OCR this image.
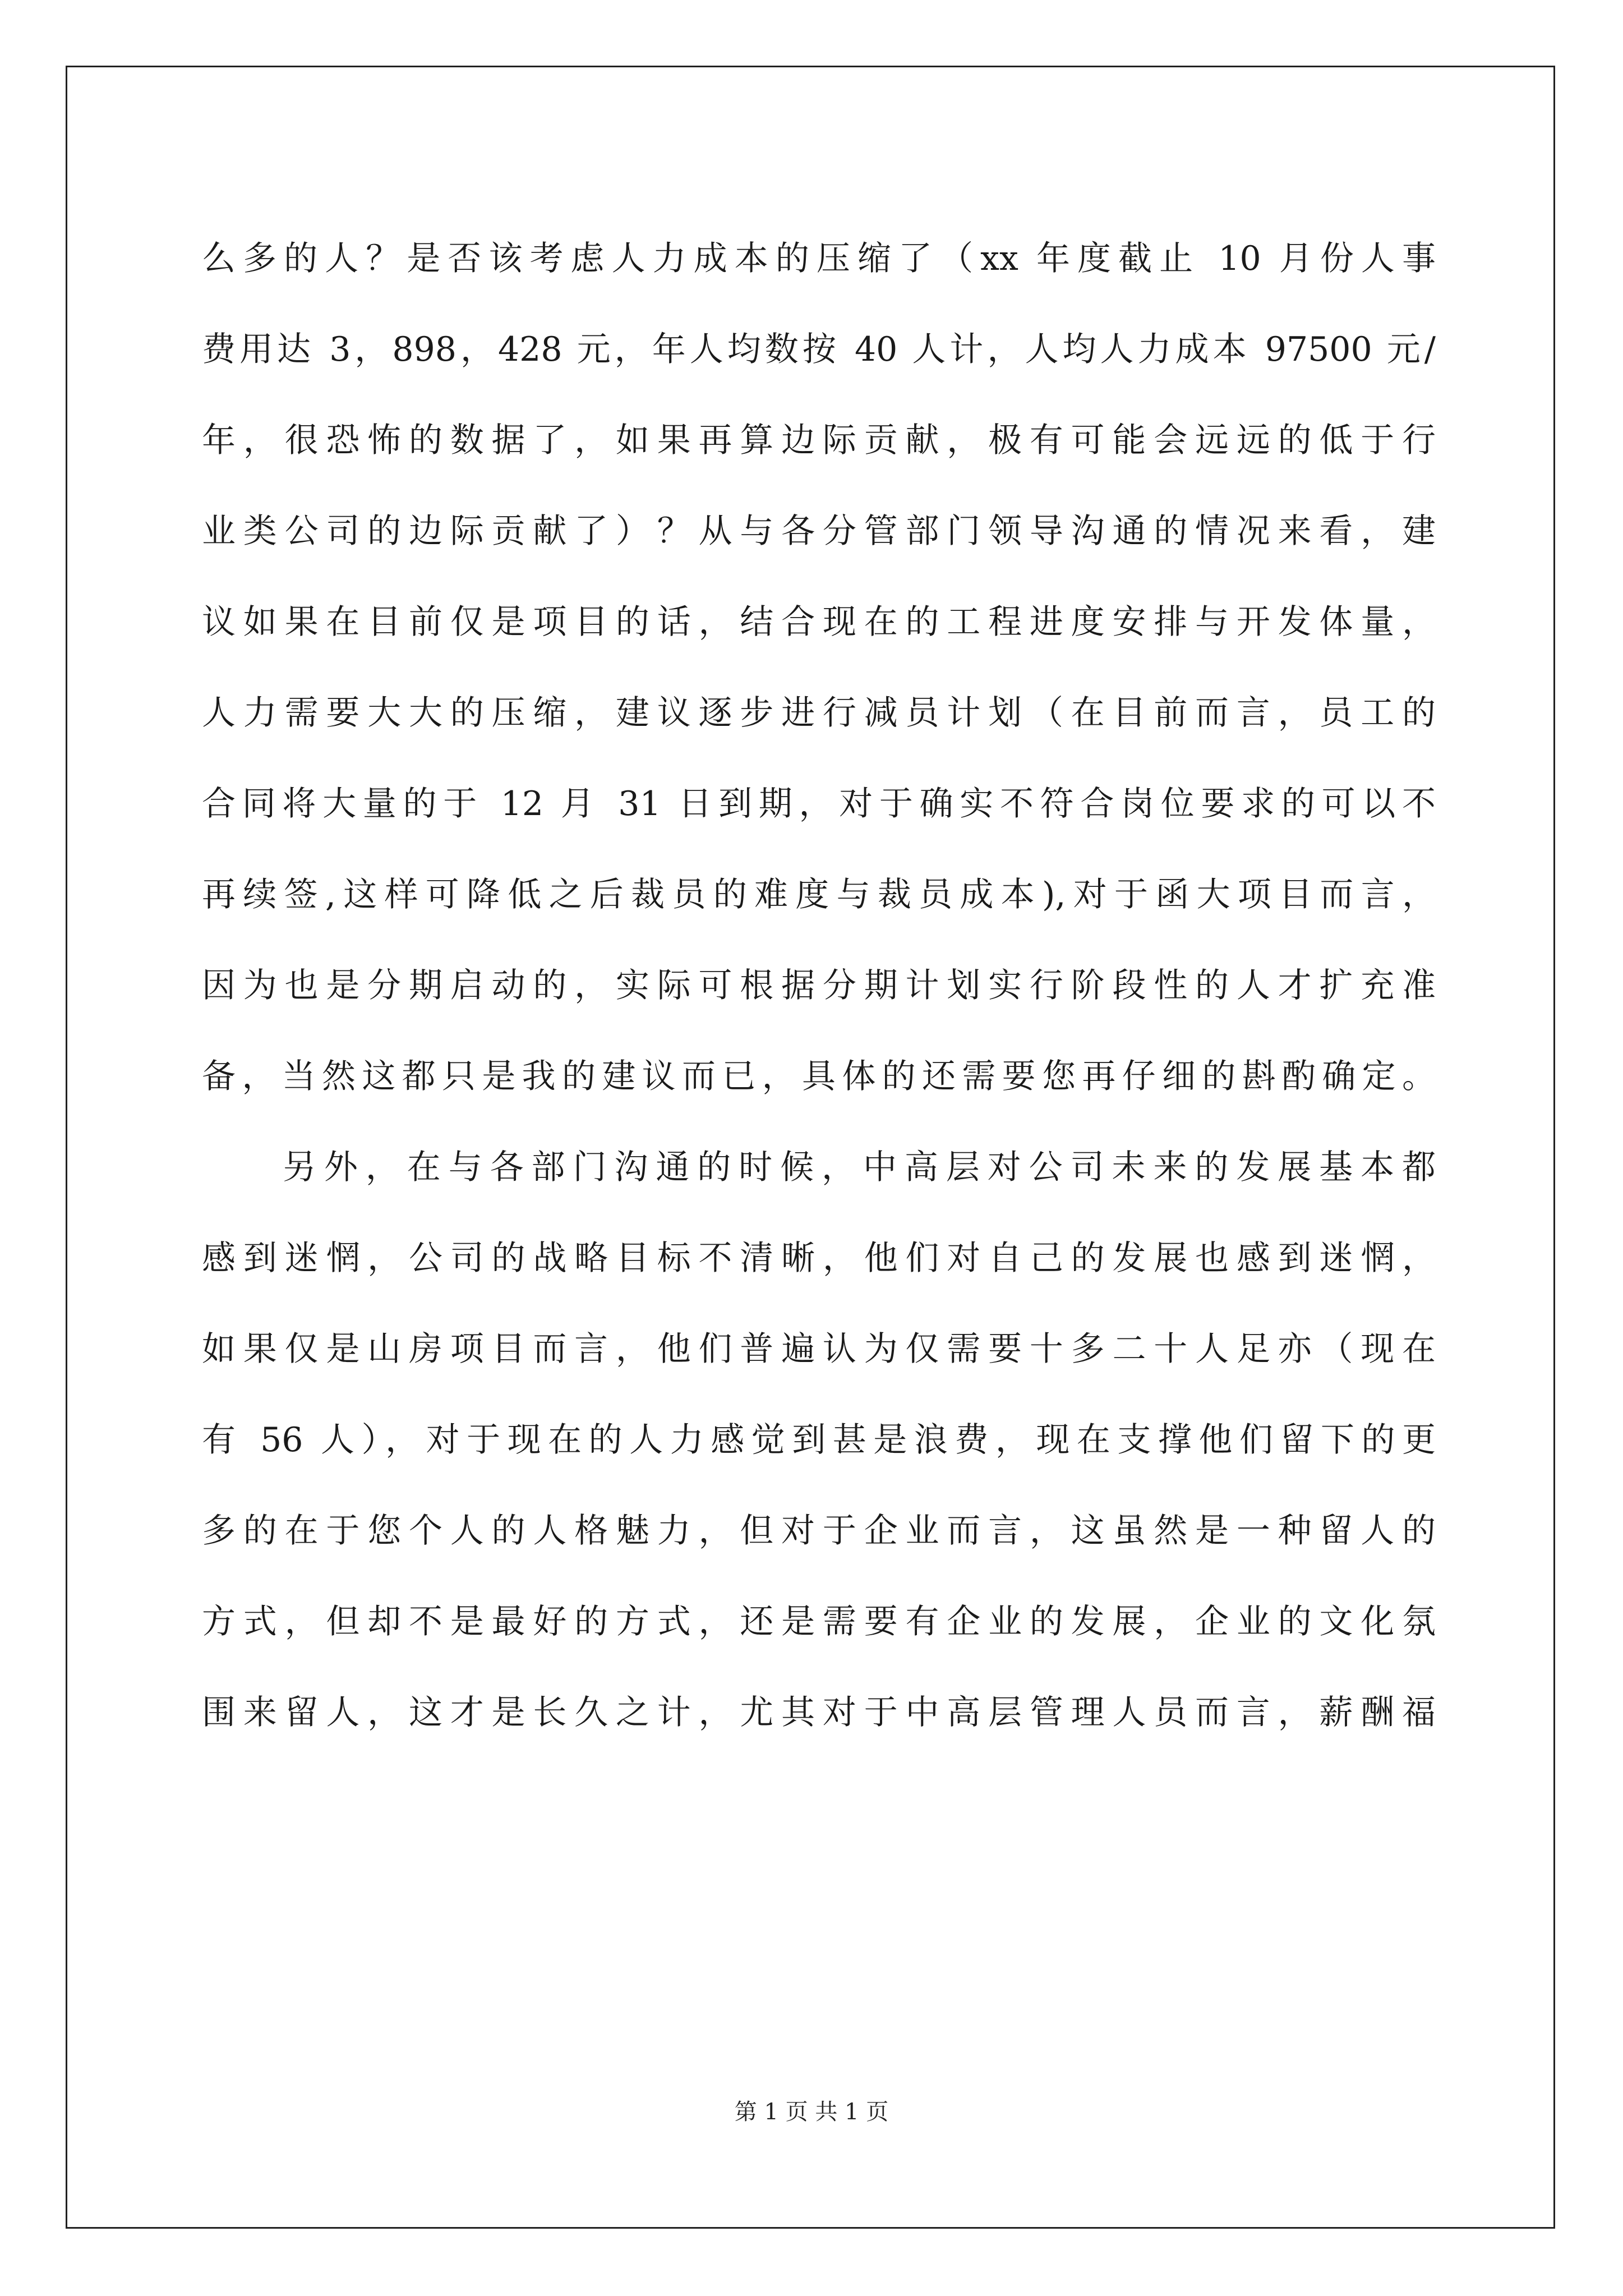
么多的人？是否该考虑人力成本的压缩了（xx 年度截止 10 月份人事
费用达 3，898，428 元，年人均数按 40 人计，人均人力成本 97500 元/
年，很恐怖的数据了，如果再算边际贡献，极有可能会远远的低于行
业类公司的边际贡献了）？从与各分管部门领导沟通的情况来看，建
议如果在目前仅是项目的话，结合现在的工程进度安排与开发体量，
人力需要大大的压缩，建议逐步进行减员计划（在目前而言，员工的
合同将大量的于 12 月 31 日到期，对于确实不符合岗位要求的可以不
再续签,这样可降低之后裁员的难度与裁员成本),对于函大项目而言，
因为也是分期启动的，实际可根据分期计划实行阶段性的人才扩充准
备，当然这都只是我的建议而已，具体的还需要您再仔细的斟酌确定。
另外，在与各部门沟通的时候，中高层对公司未来的发展基本都
感到迷惘，公司的战略目标不清晰，他们对自己的发展也感到迷惘，
如果仅是山房项目而言，他们普遍认为仅需要十多二十人足亦（现在
有 56 人），对于现在的人力感觉到甚是浪费，现在支撑他们留下的更
多的在于您个人的人格魅力，但对于企业而言，这虽然是一种留人的
方式，但却不是最好的方式，还是需要有企业的发展，企业的文化氛
围来留人，这才是长久之计，尤其对于中高层管理人员而言，薪酬福
第 1 页 共 1 页
